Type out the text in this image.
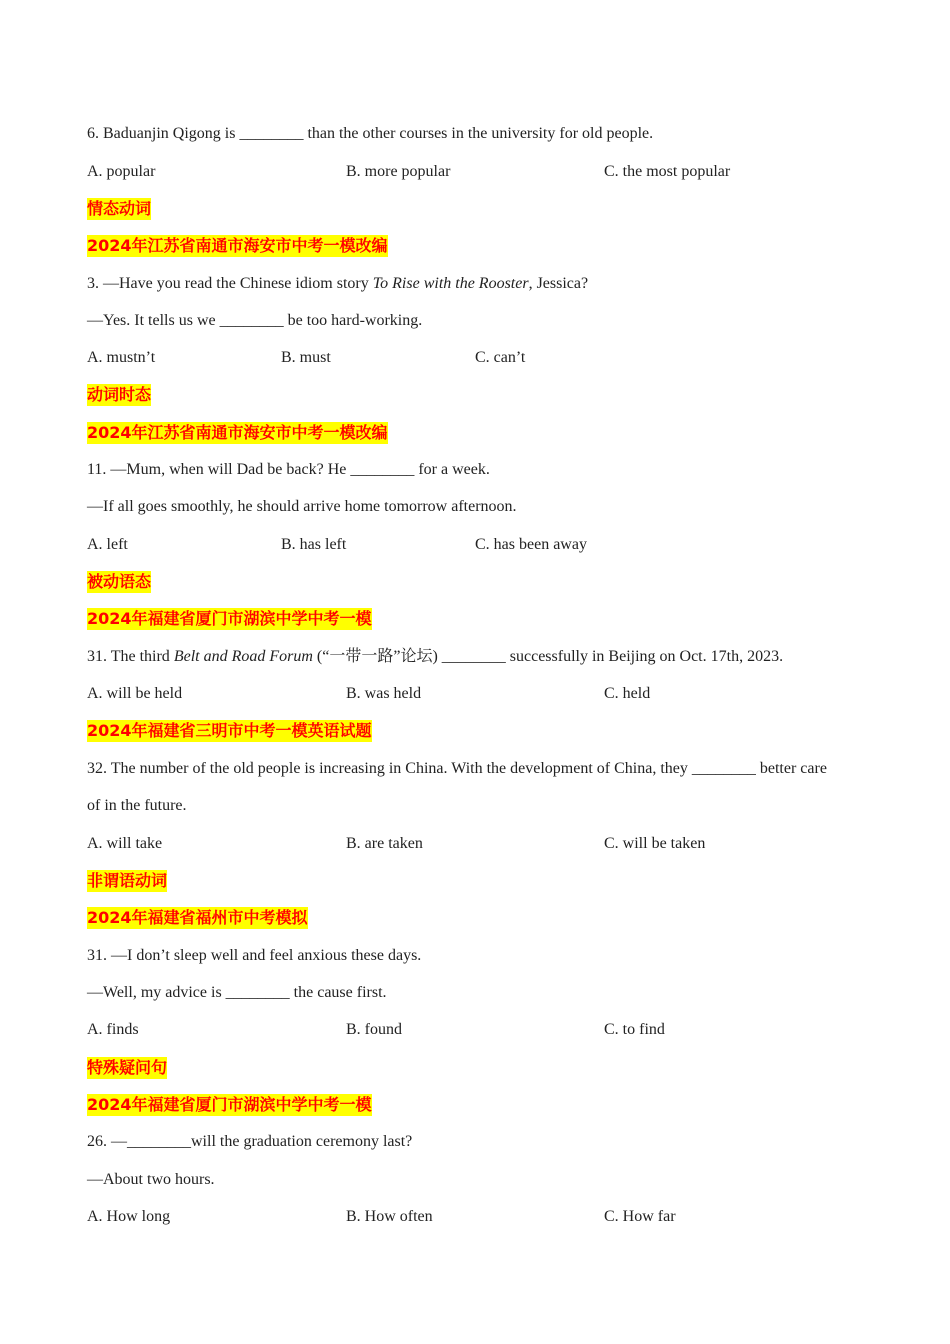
6. Baduanjin Qigong is ________ than the other courses in the university for old people.
A. popular	B. more popular	C. the most popular
情态动词
2024年江苏省南通市海安市中考一模改编
3. —Have you read the Chinese idiom story To Rise with the Rooster, Jessica?
—Yes. It tells us we ________ be too hard-working.
A. mustn’t	B. must	C. can’t
动词时态
2024年江苏省南通市海安市中考一模改编
11. —Mum, when will Dad be back? He ________ for a week.
—If all goes smoothly, he should arrive home tomorrow afternoon.
A. left	B. has left	C. has been away
被动语态
2024年福建省厦门市湖滨中学中考一模
31. The third Belt and Road Forum (“一带一路”论坛) ________ successfully in Beijing on Oct. 17th, 2023.
A. will be held	B. was held	C. held
2024年福建省三明市中考一模英语试题
32. The number of the old people is increasing in China. With the development of China, they ________ better care
of in the future.
A. will take	B. are taken	C. will be taken
非谓语动词
2024年福建省福州市中考模拟
31. —I don’t sleep well and feel anxious these days.
—Well, my advice is ________ the cause first.
A. finds	B. found	C. to find
特殊疑问句
2024年福建省厦门市湖滨中学中考一模
26. —________will the graduation ceremony last?
—About two hours.
A. How long	B. How often	C. How far
